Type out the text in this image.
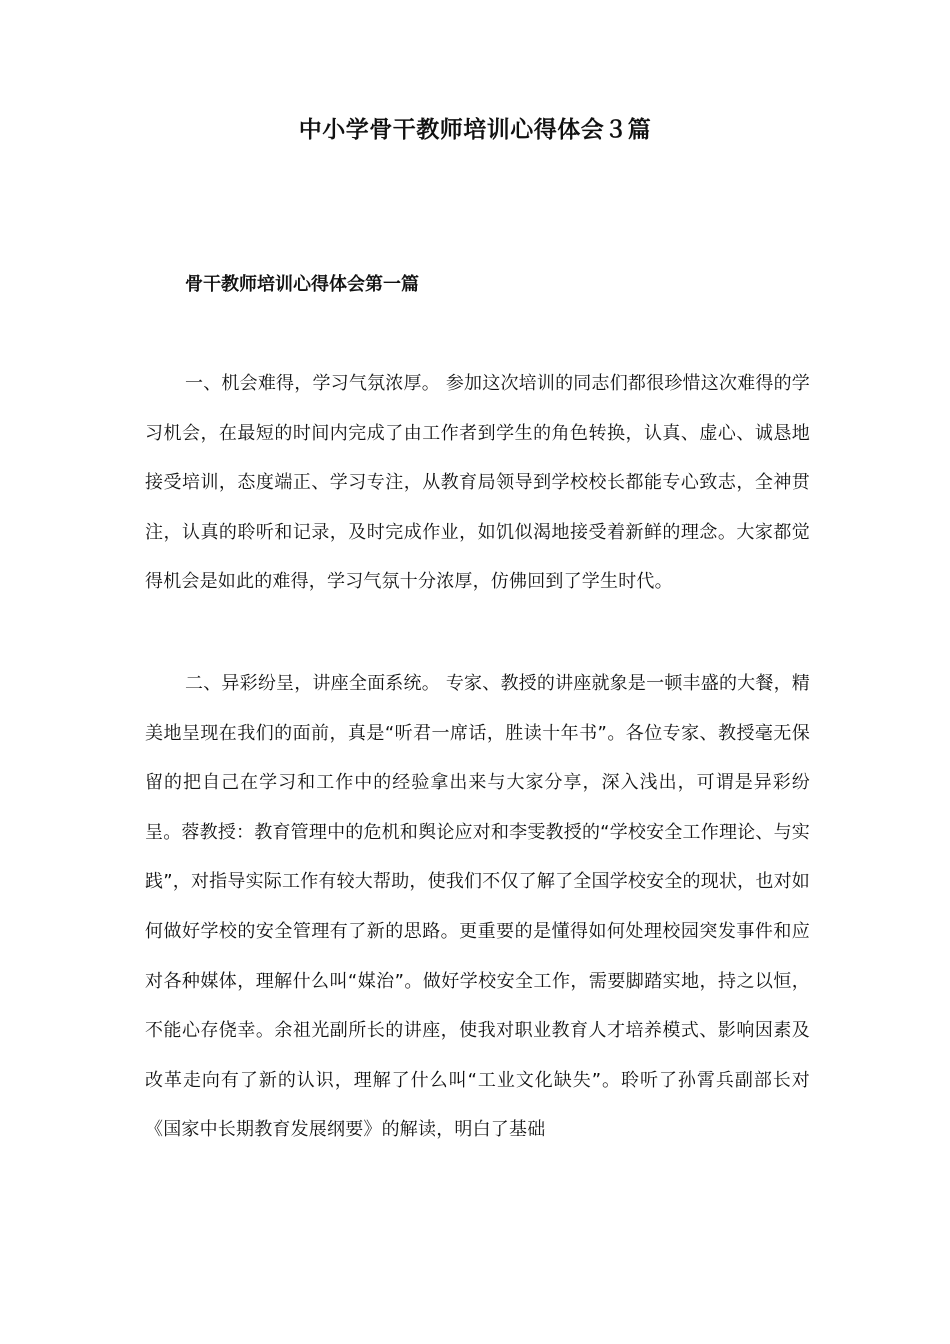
中小学骨干教师培训心得体会３篇
骨干教师培训心得体会第一篇

一、机会难得，学习气氛浓厚。 参加这次培训的同志们都很珍惜这次难得的学习机会，在最短的时间内完成了由工作者到学生的角色转换，认真、虚心、诚恳地接受培训，态度端正、学习专注，从教育局领导到学校校长都能专心致志，全神贯注，认真的聆听和记录，及时完成作业，如饥似渴地接受着新鲜的理念。大家都觉得机会是如此的难得，学习气氛十分浓厚，仿佛回到了学生时代。

二、异彩纷呈，讲座全面系统。 专家、教授的讲座就象是一顿丰盛的大餐，精美地呈现在我们的面前，真是“听君一席话，胜读十年书”。各位专家、教授毫无保留的把自己在学习和工作中的经验拿出来与大家分享，深入浅出，可谓是异彩纷呈。蓉教授：教育管理中的危机和舆论应对和李雯教授的“学校安全工作理论、与实践”，对指导实际工作有较大帮助，使我们不仅了解了全国学校安全的现状，也对如何做好学校的安全管理有了新的思路。更重要的是懂得如何处理校园突发事件和应对各种媒体，理解什么叫“媒治”。做好学校安全工作，需要脚踏实地，持之以恒，不能心存侥幸。余祖光副所长的讲座，使我对职业教育人才培养模式、影响因素及改革走向有了新的认识，理解了什么叫“工业文化缺失”。聆听了孙霄兵副部长对《国家中长期教育发展纲要》的解读，明白了基础
